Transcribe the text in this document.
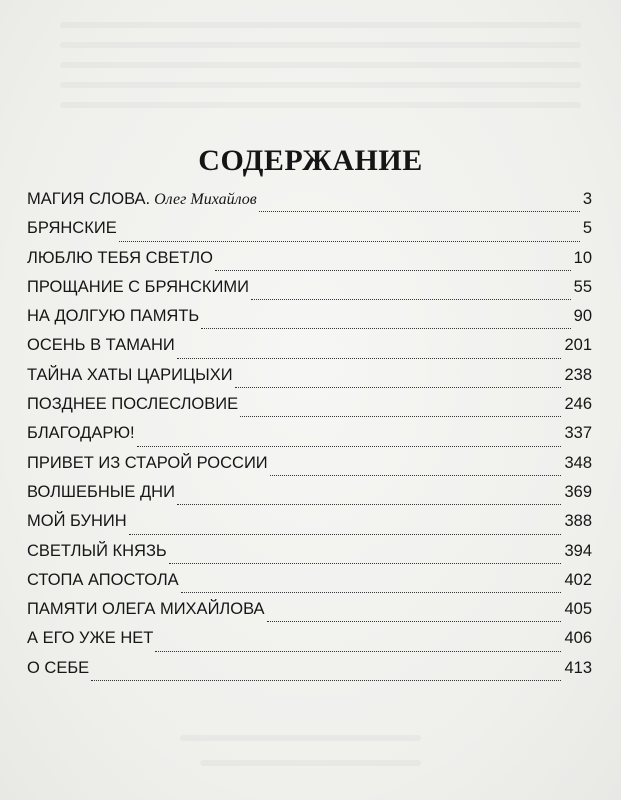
СОДЕРЖАНИЕ
МАГИЯ СЛОВА. Олег Михайлов	3
БРЯНСКИЕ	5
ЛЮБЛЮ ТЕБЯ СВЕТЛО	10
ПРОЩАНИЕ С БРЯНСКИМИ	55
НА ДОЛГУЮ ПАМЯТЬ	90
ОСЕНЬ В ТАМАНИ	201
ТАЙНА ХАТЫ ЦАРИЦЫХИ	238
ПОЗДНЕЕ ПОСЛЕСЛОВИЕ	246
БЛАГОДАРЮ!	337
ПРИВЕТ ИЗ СТАРОЙ РОССИИ	348
ВОЛШЕБНЫЕ ДНИ	369
МОЙ БУНИН	388
СВЕТЛЫЙ КНЯЗЬ	394
СТОПА АПОСТОЛА	402
ПАМЯТИ ОЛЕГА МИХАЙЛОВА	405
А ЕГО УЖЕ НЕТ	406
О СЕБЕ	413
